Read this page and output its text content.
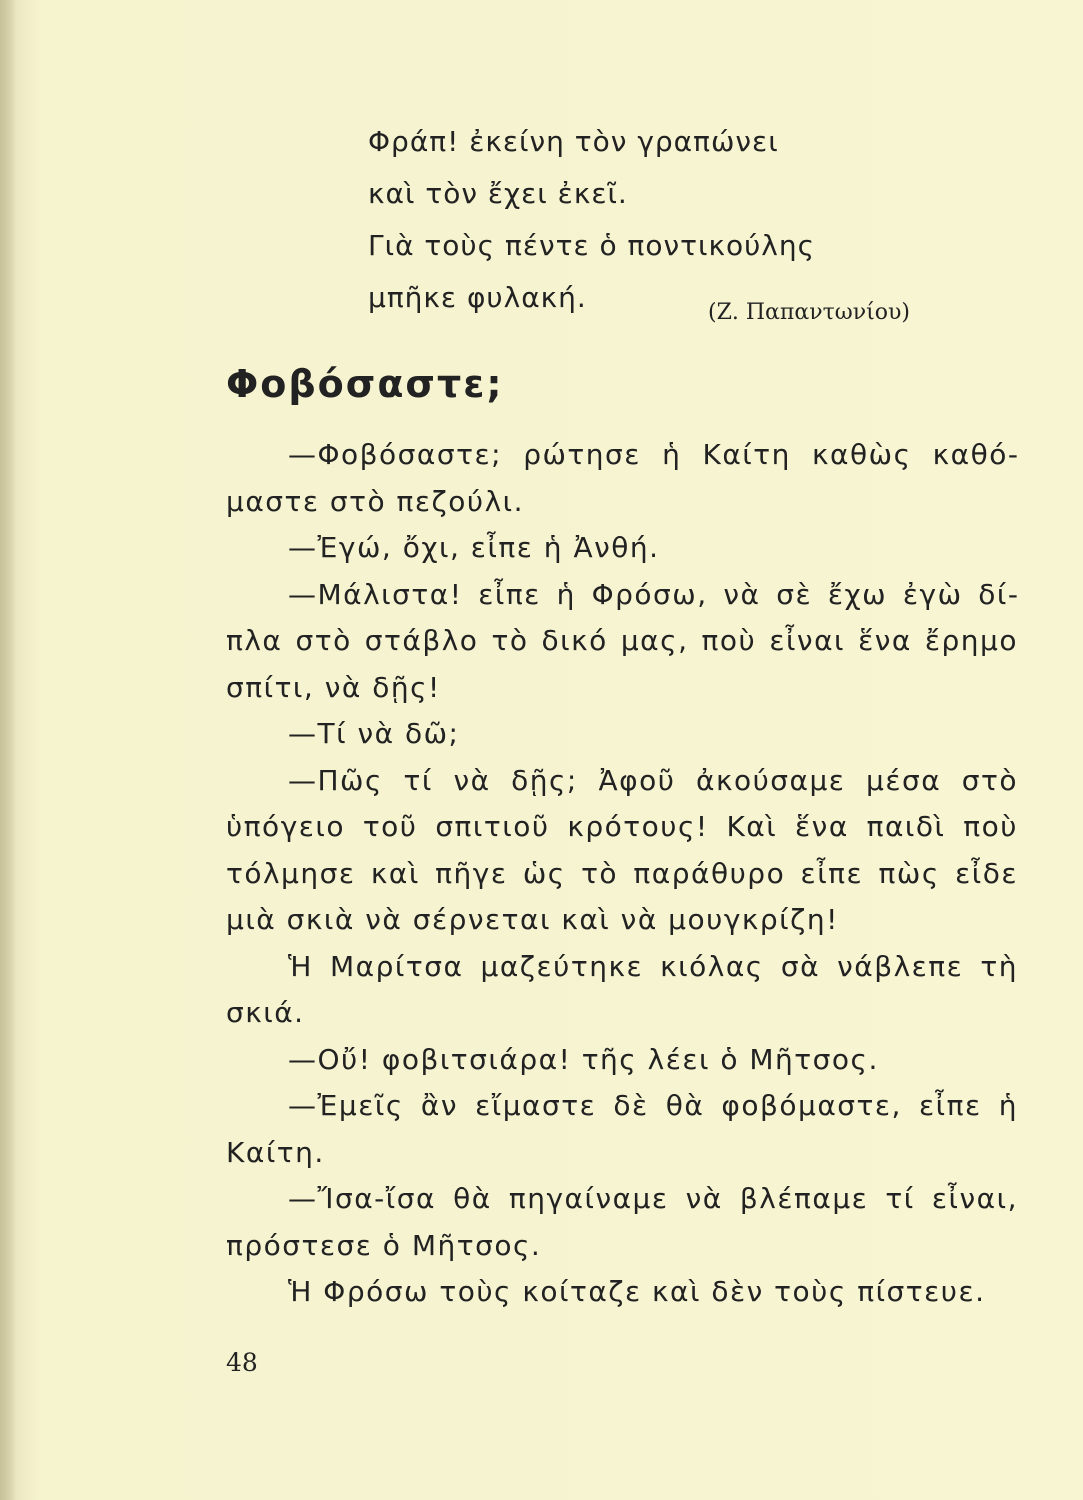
Φράπ! ἐκείνη τὸν γραπώνει
καὶ τὸν ἔχει ἐκεῖ.
Γιὰ τοὺς πέντε ὁ ποντικούλης
μπῆκε φυλακή.	(Ζ. Παπαντωνίου)
Φοβόσαστε;

—Φοβόσαστε; ρώτησε ἡ Καίτη καθὼς καθόμαστε στὸ πεζούλι.

—Ἐγώ, ὄχι, εἶπε ἡ Ἀνθή.

—Μάλιστα! εἶπε ἡ Φρόσω, νὰ σὲ ἔχω ἐγὼ δίπλα στὸ στάβλο τὸ δικό μας, ποὺ εἶναι ἕνα ἔρημο σπίτι, νὰ δῇς!

—Τί νὰ δῶ;

—Πῶς τί νὰ δῇς; Ἀφοῦ ἀκούσαμε μέσα στὸ ὑπόγειο τοῦ σπιτιοῦ κρότους! Καὶ ἕνα παιδὶ ποὺ τόλμησε καὶ πῆγε ὡς τὸ παράθυρο εἶπε πὼς εἶδε μιὰ σκιὰ νὰ σέρνεται καὶ νὰ μουγκρίζη!

Ἡ Μαρίτσα μαζεύτηκε κιόλας σὰ νάβλεπε τὴ σκιά.

—Οὔ! φοβιτσιάρα! τῆς λέει ὁ Μῆτσος.

—Ἐμεῖς ἂν εἴμαστε δὲ θὰ φοβόμαστε, εἶπε ἡ Καίτη.

—Ἴσα-ἴσα θὰ πηγαίναμε νὰ βλέπαμε τί εἶναι, πρόστεσε ὁ Μῆτσος.

Ἡ Φρόσω τοὺς κοίταζε καὶ δὲν τοὺς πίστευε.

48
